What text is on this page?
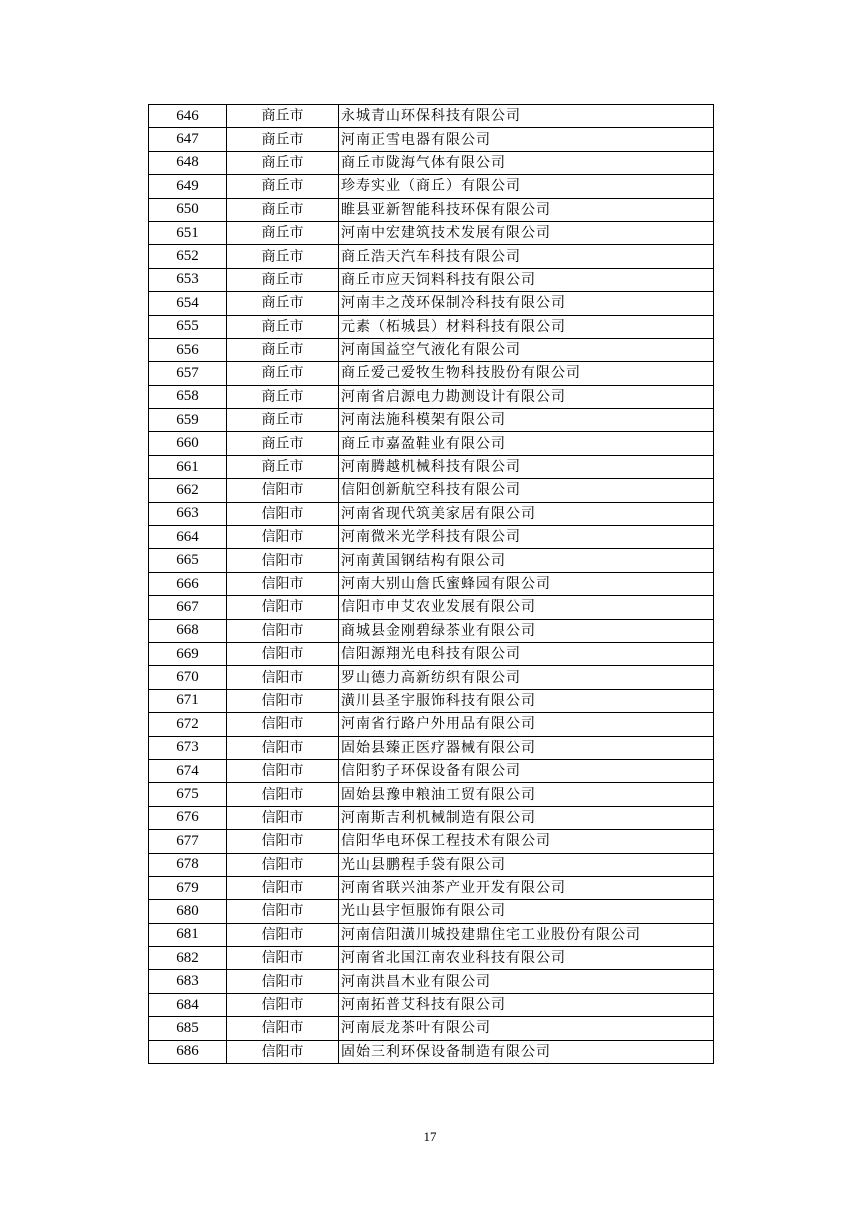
646	商丘市	永城青山环保科技有限公司
647	商丘市	河南正雪电器有限公司
648	商丘市	商丘市陇海气体有限公司
649	商丘市	珍寿实业（商丘）有限公司
650	商丘市	睢县亚新智能科技环保有限公司
651	商丘市	河南中宏建筑技术发展有限公司
652	商丘市	商丘浩天汽车科技有限公司
653	商丘市	商丘市应天饲料科技有限公司
654	商丘市	河南丰之茂环保制冷科技有限公司
655	商丘市	元素（柘城县）材料科技有限公司
656	商丘市	河南国益空气液化有限公司
657	商丘市	商丘爱己爱牧生物科技股份有限公司
658	商丘市	河南省启源电力勘测设计有限公司
659	商丘市	河南法施科模架有限公司
660	商丘市	商丘市嘉盈鞋业有限公司
661	商丘市	河南腾越机械科技有限公司
662	信阳市	信阳创新航空科技有限公司
663	信阳市	河南省现代筑美家居有限公司
664	信阳市	河南微米光学科技有限公司
665	信阳市	河南黄国钢结构有限公司
666	信阳市	河南大别山詹氏蜜蜂园有限公司
667	信阳市	信阳市申艾农业发展有限公司
668	信阳市	商城县金刚碧绿茶业有限公司
669	信阳市	信阳源翔光电科技有限公司
670	信阳市	罗山德力高新纺织有限公司
671	信阳市	潢川县圣宇服饰科技有限公司
672	信阳市	河南省行路户外用品有限公司
673	信阳市	固始县臻正医疗器械有限公司
674	信阳市	信阳豹子环保设备有限公司
675	信阳市	固始县豫申粮油工贸有限公司
676	信阳市	河南斯吉利机械制造有限公司
677	信阳市	信阳华电环保工程技术有限公司
678	信阳市	光山县鹏程手袋有限公司
679	信阳市	河南省联兴油茶产业开发有限公司
680	信阳市	光山县宇恒服饰有限公司
681	信阳市	河南信阳潢川城投建鼎住宅工业股份有限公司
682	信阳市	河南省北国江南农业科技有限公司
683	信阳市	河南洪昌木业有限公司
684	信阳市	河南拓普艾科技有限公司
685	信阳市	河南辰龙茶叶有限公司
686	信阳市	固始三利环保设备制造有限公司
17
